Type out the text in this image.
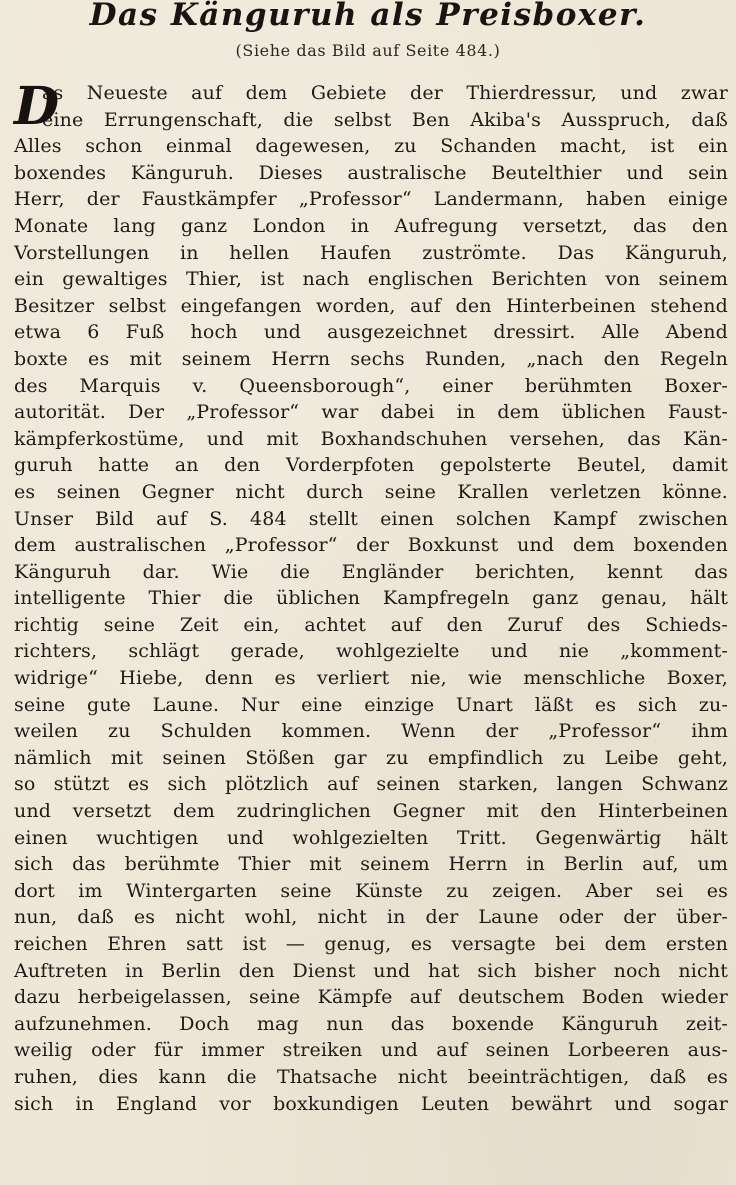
Das Känguruh als Preisboxer.
(Siehe das Bild auf Seite 484.)
D
as Neueste auf dem Gebiete der Thierdressur, und zwar
eine Errungenschaft, die selbst Ben Akiba's Ausspruch, daß
Alles schon einmal dagewesen, zu Schanden macht, ist ein
boxendes Känguruh. Dieses australische Beutelthier und sein
Herr, der Faustkämpfer „Professor“ Landermann, haben einige
Monate lang ganz London in Aufregung versetzt, das den
Vorstellungen in hellen Haufen zuströmte. Das Känguruh,
ein gewaltiges Thier, ist nach englischen Berichten von seinem
Besitzer selbst eingefangen worden, auf den Hinterbeinen stehend
etwa 6 Fuß hoch und ausgezeichnet dressirt. Alle Abend
boxte es mit seinem Herrn sechs Runden, „nach den Regeln
des Marquis v. Queensborough“, einer berühmten Boxer-
autorität. Der „Professor“ war dabei in dem üblichen Faust-
kämpferkostüme, und mit Boxhandschuhen versehen, das Kän-
guruh hatte an den Vorderpfoten gepolsterte Beutel, damit
es seinen Gegner nicht durch seine Krallen verletzen könne.
Unser Bild auf S. 484 stellt einen solchen Kampf zwischen
dem australischen „Professor“ der Boxkunst und dem boxenden
Känguruh dar. Wie die Engländer berichten, kennt das
intelligente Thier die üblichen Kampfregeln ganz genau, hält
richtig seine Zeit ein, achtet auf den Zuruf des Schieds-
richters, schlägt gerade, wohlgezielte und nie „komment-
widrige“ Hiebe, denn es verliert nie, wie menschliche Boxer,
seine gute Laune. Nur eine einzige Unart läßt es sich zu-
weilen zu Schulden kommen. Wenn der „Professor“ ihm
nämlich mit seinen Stößen gar zu empfindlich zu Leibe geht,
so stützt es sich plötzlich auf seinen starken, langen Schwanz
und versetzt dem zudringlichen Gegner mit den Hinterbeinen
einen wuchtigen und wohlgezielten Tritt. Gegenwärtig hält
sich das berühmte Thier mit seinem Herrn in Berlin auf, um
dort im Wintergarten seine Künste zu zeigen. Aber sei es
nun, daß es nicht wohl, nicht in der Laune oder der über-
reichen Ehren satt ist — genug, es versagte bei dem ersten
Auftreten in Berlin den Dienst und hat sich bisher noch nicht
dazu herbeigelassen, seine Kämpfe auf deutschem Boden wieder
aufzunehmen. Doch mag nun das boxende Känguruh zeit-
weilig oder für immer streiken und auf seinen Lorbeeren aus-
ruhen, dies kann die Thatsache nicht beeinträchtigen, daß es
sich in England vor boxkundigen Leuten bewährt und sogar
